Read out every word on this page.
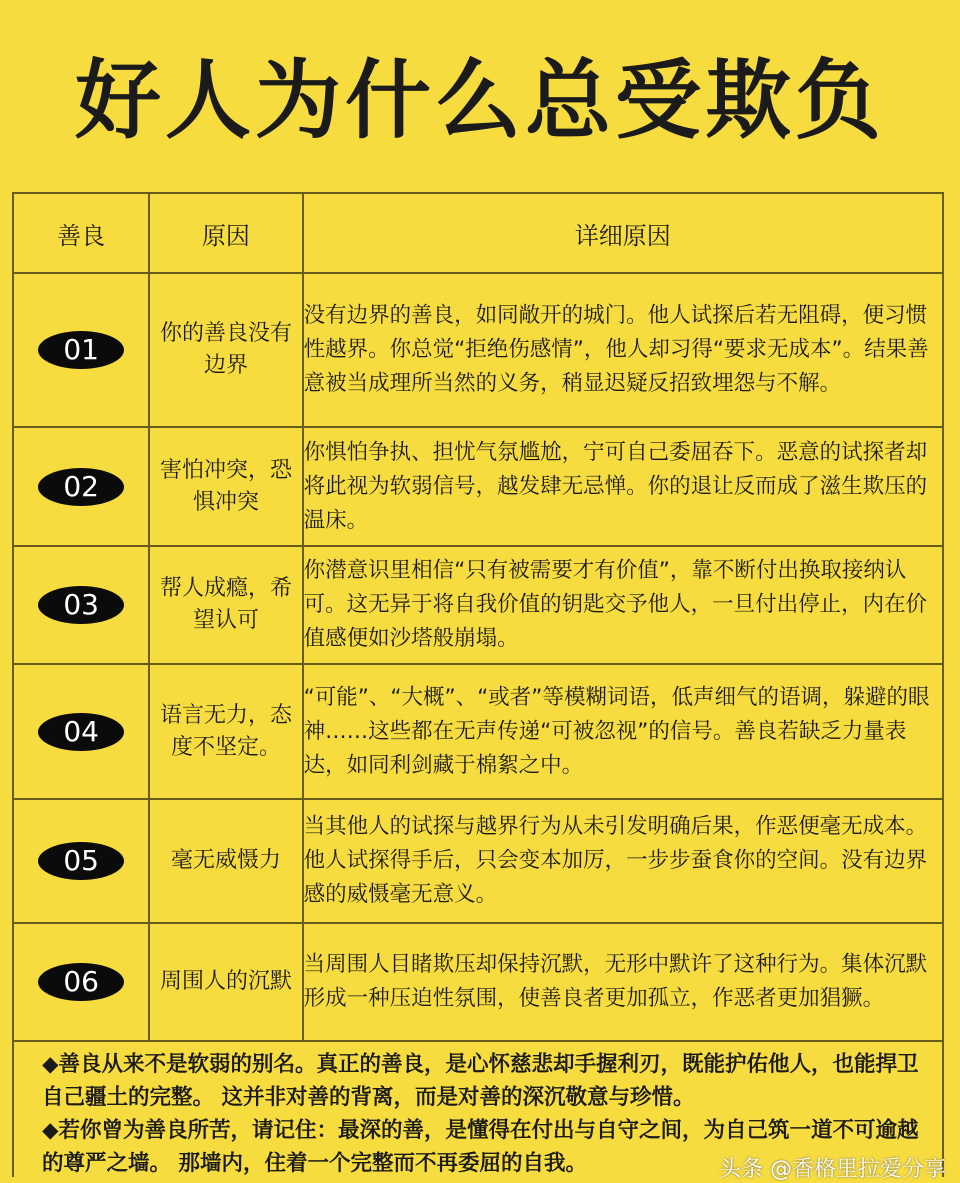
好人为什么总受欺负
善良	原因	详细原因
01	你的善良没有边界	没有边界的善良，如同敞开的城门。他人试探后若无阻碍，便习惯性越界。你总觉“拒绝伤感情”，他人却习得“要求无成本”。结果善意被当成理所当然的义务，稍显迟疑反招致埋怨与不解。
02	害怕冲突，恐惧冲突	你惧怕争执、担忧气氛尴尬，宁可自己委屈吞下。恶意的试探者却将此视为软弱信号，越发肆无忌惮。你的退让反而成了滋生欺压的温床。
03	帮人成瘾，希望认可	你潜意识里相信“只有被需要才有价值”，靠不断付出换取接纳认可。这无异于将自我价值的钥匙交予他人，一旦付出停止，内在价值感便如沙塔般崩塌。
04	语言无力，态度不坚定。	“可能”、“大概”、“或者”等模糊词语，低声细气的语调，躲避的眼神……这些都在无声传递“可被忽视”的信号。善良若缺乏力量表达，如同利剑藏于棉絮之中。
05	毫无威慑力	当其他人的试探与越界行为从未引发明确后果，作恶便毫无成本。他人试探得手后，只会变本加厉，一步步蚕食你的空间。没有边界感的威慑毫无意义。
06	周围人的沉默	当周围人目睹欺压却保持沉默，无形中默许了这种行为。集体沉默形成一种压迫性氛围，使善良者更加孤立，作恶者更加猖獗。

◆善良从来不是软弱的别名。真正的善良，是心怀慈悲却手握利刃，既能护佑他人，也能捍卫自己疆土的完整。 这并非对善的背离，而是对善的深沉敬意与珍惜。

◆若你曾为善良所苦，请记住：最深的善，是懂得在付出与自守之间，为自己筑一道不可逾越的尊严之墙。 那墙内，住着一个完整而不再委屈的自我。	头条 @香格里拉爱分享
